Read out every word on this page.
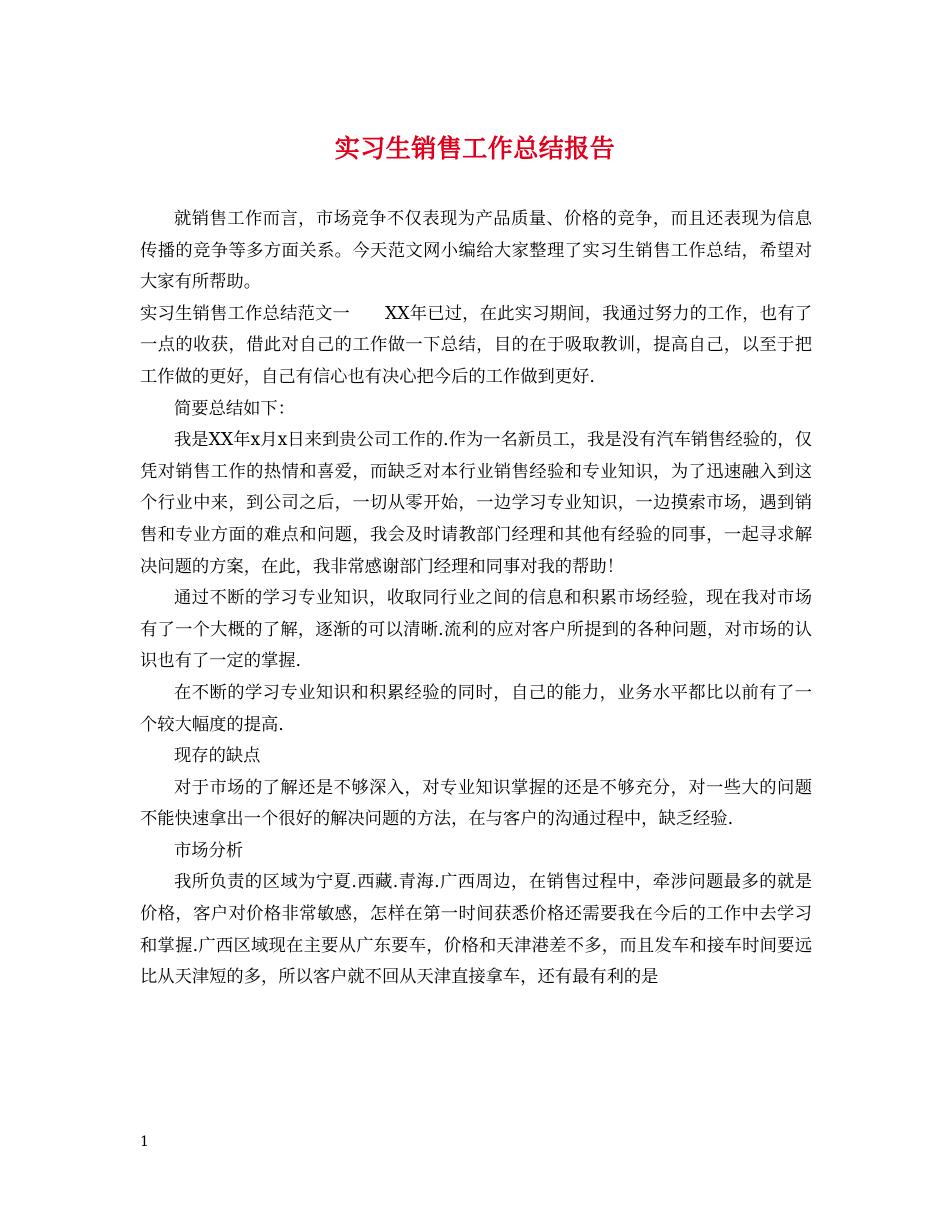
实习生销售工作总结报告

就销售工作而言，市场竞争不仅表现为产品质量、价格的竞争，而且还表现为信息传播的竞争等多方面关系。今天范文网小编给大家整理了实习生销售工作总结，希望对大家有所帮助。

实习生销售工作总结范文一　　XX年已过，在此实习期间，我通过努力的工作，也有了一点的收获，借此对自己的工作做一下总结，目的在于吸取教训，提高自己，以至于把工作做的更好，自己有信心也有决心把今后的工作做到更好.

简要总结如下：

我是XX年x月x日来到贵公司工作的.作为一名新员工，我是没有汽车销售经验的，仅凭对销售工作的热情和喜爱，而缺乏对本行业销售经验和专业知识，为了迅速融入到这个行业中来，到公司之后，一切从零开始，一边学习专业知识，一边摸索市场，遇到销售和专业方面的难点和问题，我会及时请教部门经理和其他有经验的同事，一起寻求解决问题的方案，在此，我非常感谢部门经理和同事对我的帮助！

通过不断的学习专业知识，收取同行业之间的信息和积累市场经验，现在我对市场有了一个大概的了解，逐渐的可以清晰.流利的应对客户所提到的各种问题，对市场的认识也有了一定的掌握.

在不断的学习专业知识和积累经验的同时，自己的能力，业务水平都比以前有了一个较大幅度的提高.

现存的缺点

对于市场的了解还是不够深入，对专业知识掌握的还是不够充分，对一些大的问题不能快速拿出一个很好的解决问题的方法，在与客户的沟通过程中，缺乏经验.

市场分析

我所负责的区域为宁夏.西藏.青海.广西周边，在销售过程中，牵涉问题最多的就是价格，客户对价格非常敏感，怎样在第一时间获悉价格还需要我在今后的工作中去学习和掌握.广西区域现在主要从广东要车，价格和天津港差不多，而且发车和接车时间要远比从天津短的多，所以客户就不回从天津直接拿车，还有最有利的是

1
